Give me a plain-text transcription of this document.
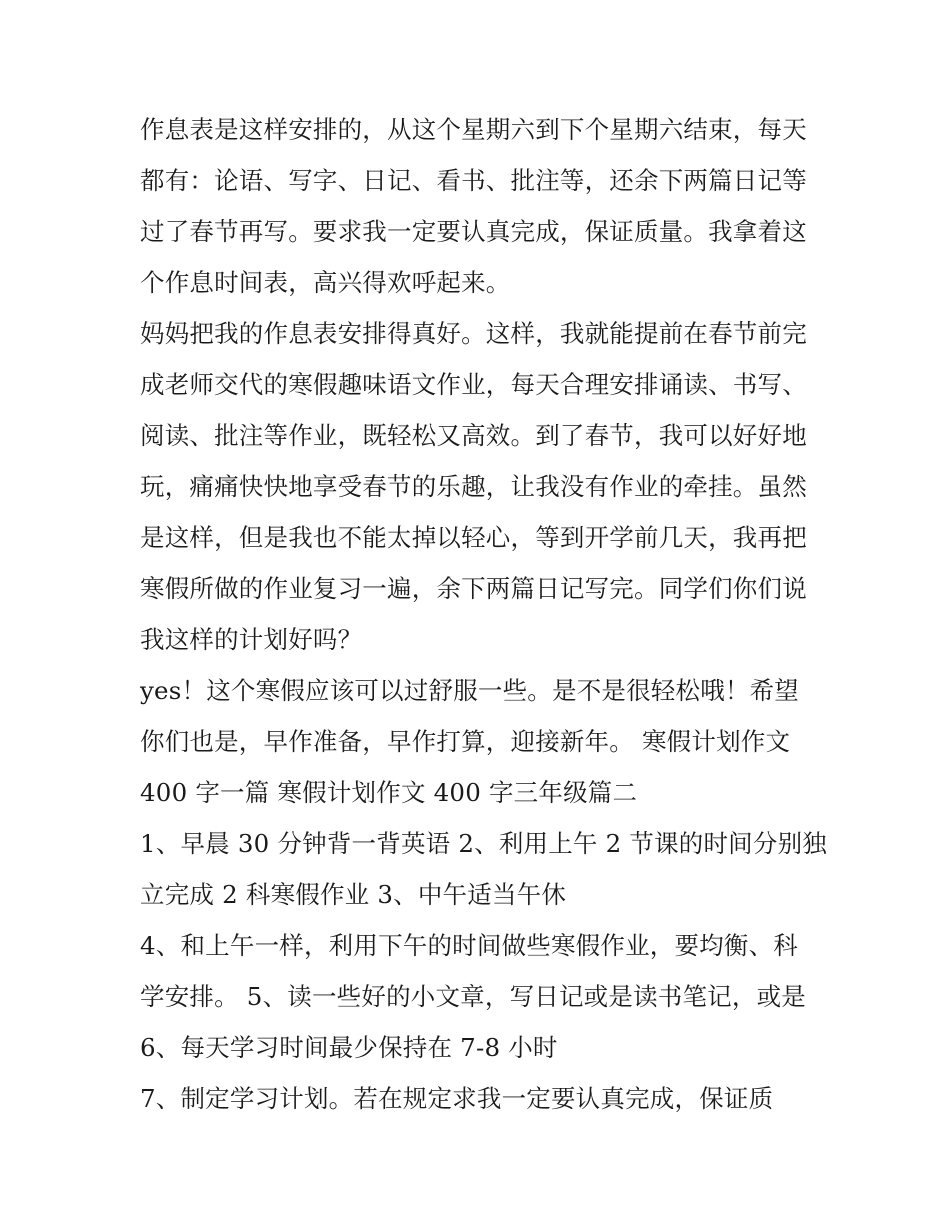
作息表是这样安排的，从这个星期六到下个星期六结束，每天
都有：论语、写字、日记、看书、批注等，还余下两篇日记等
过了春节再写。要求我一定要认真完成，保证质量。我拿着这
个作息时间表，高兴得欢呼起来。
妈妈把我的作息表安排得真好。这样，我就能提前在春节前完
成老师交代的寒假趣味语文作业，每天合理安排诵读、书写、
阅读、批注等作业，既轻松又高效。到了春节，我可以好好地
玩，痛痛快快地享受春节的乐趣，让我没有作业的牵挂。虽然
是这样，但是我也不能太掉以轻心，等到开学前几天，我再把
寒假所做的作业复习一遍，余下两篇日记写完。同学们你们说
我这样的计划好吗？
yes！这个寒假应该可以过舒服一些。是不是很轻松哦！希望
你们也是，早作准备，早作打算，迎接新年。 寒假计划作文
400 字一篇 寒假计划作文 400 字三年级篇二
1、早晨 30 分钟背一背英语 2、利用上午 2 节课的时间分别独
立完成 2 科寒假作业 3、中午适当午休
4、和上午一样，利用下午的时间做些寒假作业，要均衡、科
学安排。 5、读一些好的小文章，写日记或是读书笔记，或是
6、每天学习时间最少保持在 7-8 小时
7、制定学习计划。若在规定求我一定要认真完成，保证质
